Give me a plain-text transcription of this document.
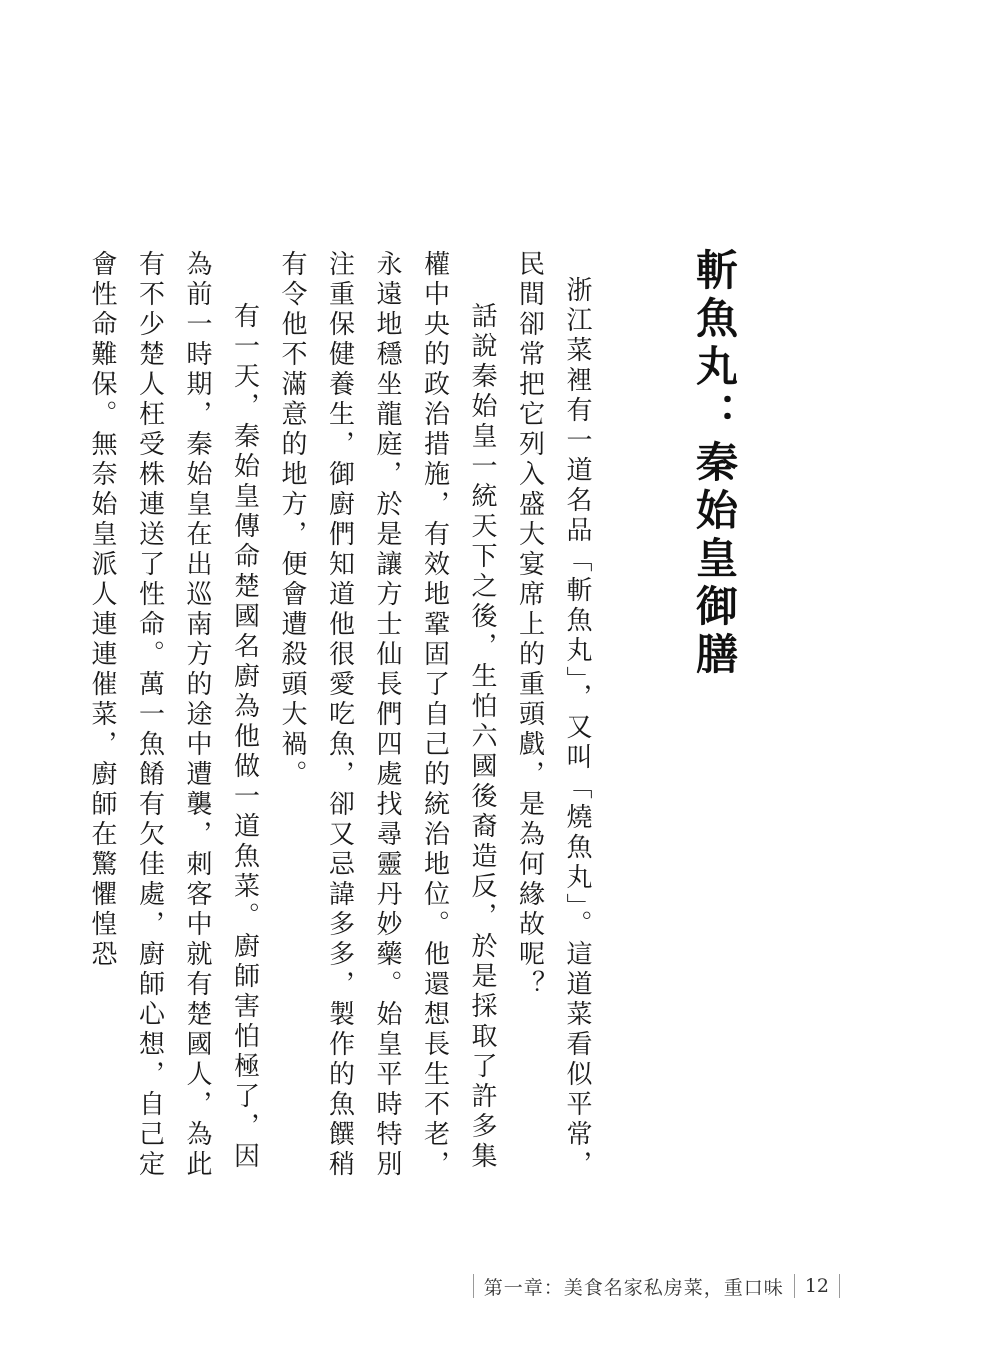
斬魚丸：秦始皇御膳

浙江菜裡有一道名品「斬魚丸」，又叫「燒魚丸」。這道菜看似平常，民間卻常把它列入盛大宴席上的重頭戲，是為何緣故呢？

話說秦始皇一統天下之後，生怕六國後裔造反，於是採取了許多集權中央的政治措施，有效地鞏固了自己的統治地位。他還想長生不老，永遠地穩坐龍庭，於是讓方士仙長們四處找尋靈丹妙藥。始皇平時特別注重保健養生，御廚們知道他很愛吃魚，卻又忌諱多多，製作的魚饌稍有令他不滿意的地方，便會遭殺頭大禍。

有一天，秦始皇傳命楚國名廚為他做一道魚菜。廚師害怕極了，因為前一時期，秦始皇在出巡南方的途中遭襲，刺客中就有楚國人，為此有不少楚人枉受株連送了性命。萬一魚餚有欠佳處，廚師心想，自己定會性命難保。無奈始皇派人連連催菜，廚師在驚懼惶恐

第一章：美食名家私房菜，重口味 12
